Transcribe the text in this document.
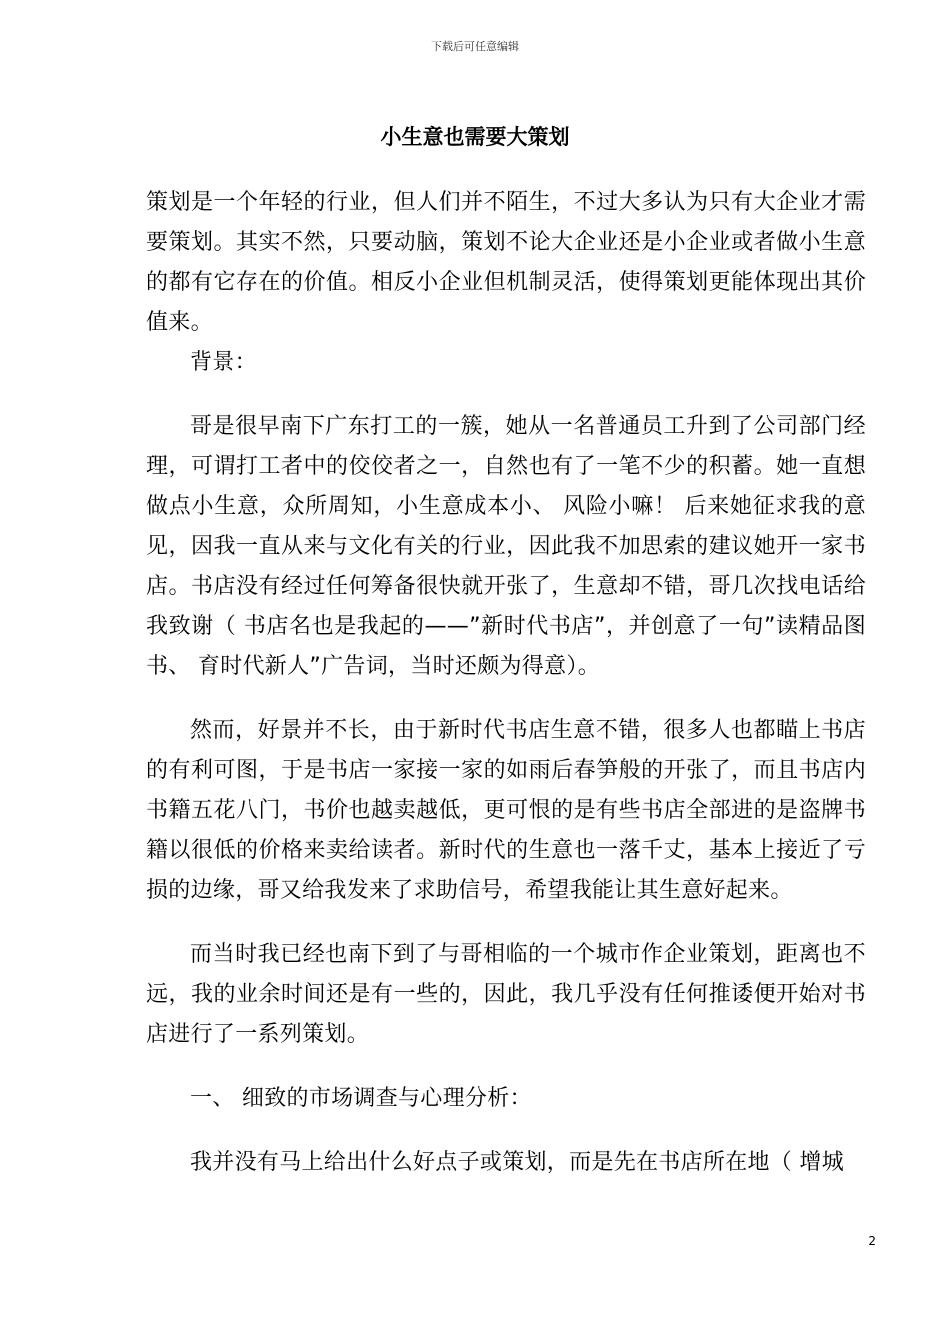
下载后可任意编辑
小生意也需要大策划

策划是一个年轻的行业，但人们并不陌生，不过大多认为只有大企业才需要策划。其实不然，只要动脑，策划不论大企业还是小企业或者做小生意的都有它存在的价值。相反小企业但机制灵活，使得策划更能体现出其价值来。

背景：

哥是很早南下广东打工的一簇，她从一名普通员工升到了公司部门经理，可谓打工者中的佼佼者之一，自然也有了一笔不少的积蓄。她一直想做点小生意，众所周知，小生意成本小、 风险小嘛！ 后来她征求我的意见，因我一直从来与文化有关的行业，因此我不加思索的建议她开一家书店。书店没有经过任何筹备很快就开张了，生意却不错，哥几次找电话给我致谢（ 书店名也是我起的——”新时代书店”，并创意了一句”读精品图书、 育时代新人”广告词，当时还颇为得意）。

然而，好景并不长，由于新时代书店生意不错，很多人也都瞄上书店的有利可图，于是书店一家接一家的如雨后春笋般的开张了，而且书店内书籍五花八门，书价也越卖越低，更可恨的是有些书店全部进的是盗牌书籍以很低的价格来卖给读者。新时代的生意也一落千丈，基本上接近了亏损的边缘，哥又给我发来了求助信号，希望我能让其生意好起来。

而当时我已经也南下到了与哥相临的一个城市作企业策划，距离也不远，我的业余时间还是有一些的，因此，我几乎没有任何推诿便开始对书店进行了一系列策划。

一、 细致的市场调查与心理分析：

我并没有马上给出什么好点子或策划，而是先在书店所在地（ 增城

2
